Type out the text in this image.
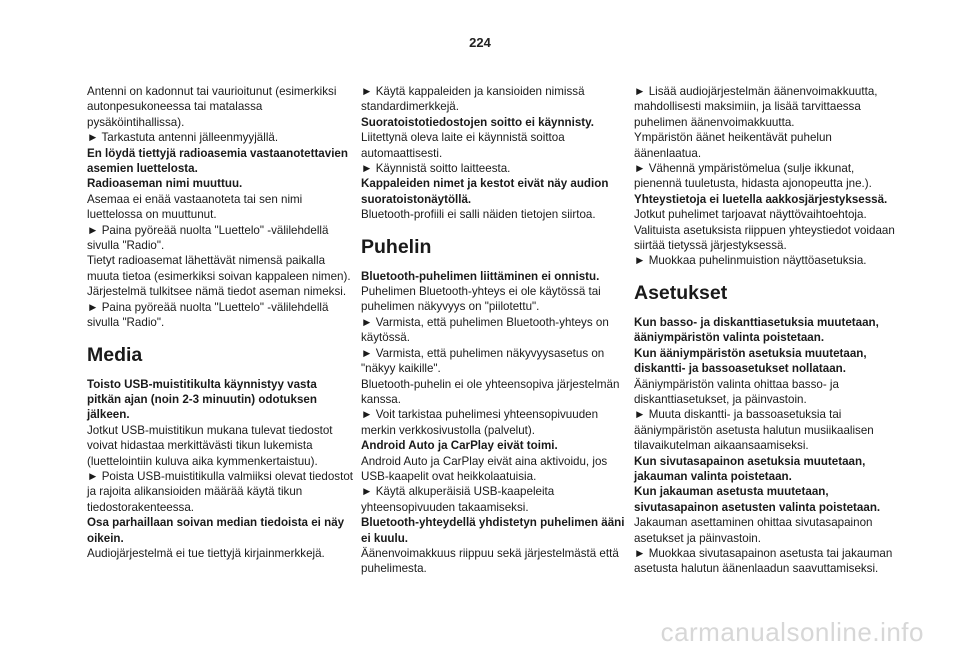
224

Antenni on kadonnut tai vaurioitunut (esimerkiksi autonpesukoneessa tai matalassa pysäköintihallissa).

► Tarkastuta antenni jälleenmyyjällä.

En löydä tiettyjä radioasemia vastaanotettavien asemien luettelosta.

Radioaseman nimi muuttuu.

Asemaa ei enää vastaanoteta tai sen nimi luettelossa on muuttunut.

► Paina pyöreää nuolta "Luettelo" -välilehdellä sivulla "Radio".

Tietyt radioasemat lähettävät nimensä paikalla muuta tietoa (esimerkiksi soivan kappaleen nimen).

Järjestelmä tulkitsee nämä tiedot aseman nimeksi.

► Paina pyöreää nuolta "Luettelo" -välilehdellä sivulla "Radio".

Media

Toisto USB-muistitikulta käynnistyy vasta pitkän ajan (noin 2-3 minuutin) odotuksen jälkeen.

Jotkut USB-muistitikun mukana tulevat tiedostot voivat hidastaa merkittävästi tikun lukemista (luettelointiin kuluva aika kymmenkertaistuu).

► Poista USB-muistitikulla valmiiksi olevat tiedostot ja rajoita alikansioiden määrää käytä tikun tiedostorakenteessa.

Osa parhaillaan soivan median tiedoista ei näy oikein.

Audiojärjestelmä ei tue tiettyjä kirjainmerkkejä.

► Käytä kappaleiden ja kansioiden nimissä standardimerkkejä.

Suoratoistotiedostojen soitto ei käynnisty.

Liitettynä oleva laite ei käynnistä soittoa automaattisesti.

► Käynnistä soitto laitteesta.

Kappaleiden nimet ja kestot eivät näy audion suoratoistonäytöllä.

Bluetooth-profiili ei salli näiden tietojen siirtoa.

Puhelin

Bluetooth-puhelimen liittäminen ei onnistu.

Puhelimen Bluetooth-yhteys ei ole käytössä tai puhelimen näkyvyys on "piilotettu".

► Varmista, että puhelimen Bluetooth-yhteys on käytössä.

► Varmista, että puhelimen näkyvyysasetus on "näkyy kaikille".

Bluetooth-puhelin ei ole yhteensopiva järjestelmän kanssa.

► Voit tarkistaa puhelimesi yhteensopivuuden merkin verkkosivustolla (palvelut).

Android Auto ja CarPlay eivät toimi.

Android Auto ja CarPlay eivät aina aktivoidu, jos USB-kaapelit ovat heikkolaatuisia.

► Käytä alkuperäisiä USB-kaapeleita yhteensopivuuden takaamiseksi.

Bluetooth-yhteydellä yhdistetyn puhelimen ääni ei kuulu.

Äänenvoimakkuus riippuu sekä järjestelmästä että puhelimesta.

► Lisää audiojärjestelmän äänenvoimakkuutta, mahdollisesti maksimiin, ja lisää tarvittaessa puhelimen äänenvoimakkuutta.

Ympäristön äänet heikentävät puhelun äänenlaatua.

► Vähennä ympäristömelua (sulje ikkunat, pienennä tuuletusta, hidasta ajonopeutta jne.).

Yhteystietoja ei luetella aakkosjärjestyksessä.

Jotkut puhelimet tarjoavat näyttövaihtoehtoja. Valituista asetuksista riippuen yhteystiedot voidaan siirtää tietyssä järjestyksessä.

► Muokkaa puhelinmuistion näyttöasetuksia.

Asetukset

Kun basso- ja diskanttiasetuksia muutetaan, ääniympäristön valinta poistetaan.

Kun ääniympäristön asetuksia muutetaan, diskantti- ja bassoasetukset nollataan.

Ääniympäristön valinta ohittaa basso- ja diskanttiasetukset, ja päinvastoin.

► Muuta diskantti- ja bassoasetuksia tai ääniympäristön asetusta halutun musiikaalisen tilavaikutelman aikaansaamiseksi.

Kun sivutasapainon asetuksia muutetaan, jakauman valinta poistetaan.

Kun jakauman asetusta muutetaan, sivutasapainon asetusten valinta poistetaan.

Jakauman asettaminen ohittaa sivutasapainon asetukset ja päinvastoin.

► Muokkaa sivutasapainon asetusta tai jakauman asetusta halutun äänenlaadun saavuttamiseksi.

carmanualsonline.info
